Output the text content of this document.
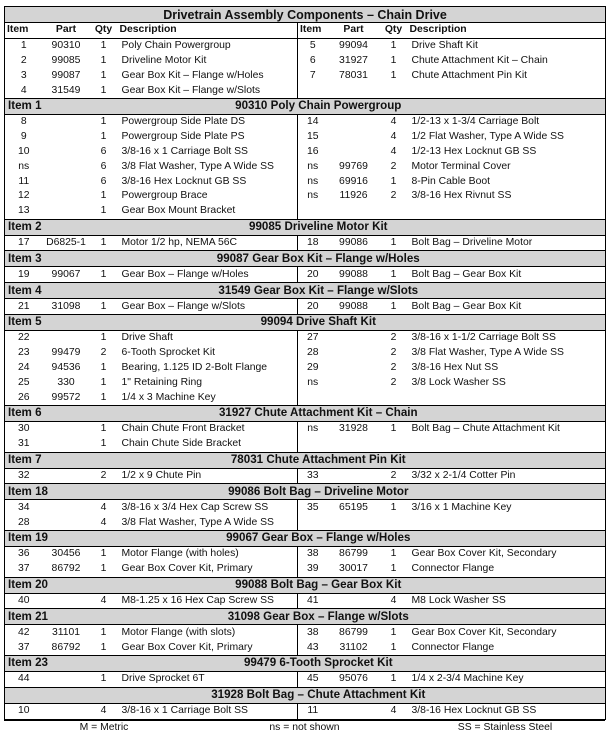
Drivetrain Assembly Components – Chain Drive							
Item	Part	Qty	Description	Item	Part	Qty	Description
1	90310	1	Poly Chain Powergroup	5	99094	1	Drive Shaft Kit
2	99085	1	Driveline Motor Kit	6	31927	1	Chute Attachment Kit – Chain
3	99087	1	Gear Box Kit – Flange w/Holes	7	78031	1	Chute Attachment Pin Kit
4	31549	1	Gear Box Kit – Flange w/Slots				
Item 1		90310 Poly Chain Powergroup					
8		1	Powergroup Side Plate DS	14		4	1/2-13 x 1-3/4 Carriage Bolt
9		1	Powergroup Side Plate PS	15		4	1/2 Flat Washer, Type A Wide SS
10		6	3/8-16 x 1 Carriage Bolt SS	16		4	1/2-13 Hex Locknut GB SS
ns		6	3/8 Flat Washer, Type A Wide SS	ns	99769	2	Motor Terminal Cover
11		6	3/8-16 Hex Locknut GB SS	ns	69916	1	8-Pin Cable Boot
12		1	Powergroup Brace	ns	11926	2	3/8-16 Hex Rivnut SS
13		1	Gear Box Mount Bracket				
Item 2		99085 Driveline Motor Kit					
17	D6825-1	1	Motor 1/2 hp, NEMA 56C	18	99086	1	Bolt Bag – Driveline Motor
Item 3		99087 Gear Box Kit – Flange w/Holes					
19	99067	1	Gear Box – Flange w/Holes	20	99088	1	Bolt Bag – Gear Box Kit
Item 4		31549 Gear Box Kit – Flange w/Slots					
21	31098	1	Gear Box – Flange w/Slots	20	99088	1	Bolt Bag – Gear Box Kit
Item 5		99094 Drive Shaft Kit					
22		1	Drive Shaft	27		2	3/8-16 x 1-1/2 Carriage Bolt SS
23	99479	2	6-Tooth Sprocket Kit	28		2	3/8 Flat Washer, Type A Wide SS
24	94536	1	Bearing, 1.125 ID 2-Bolt Flange	29		2	3/8-16 Hex Nut SS
25	330	1	1" Retaining Ring	ns		2	3/8 Lock Washer SS
26	99572	1	1/4 x 3 Machine Key				
Item 6		31927 Chute Attachment Kit – Chain					
30		1	Chain Chute Front Bracket	ns	31928	1	Bolt Bag – Chute Attachment Kit
31		1	Chain Chute Side Bracket				
Item 7		78031 Chute Attachment Pin Kit					
32		2	1/2 x 9 Chute Pin	33		2	3/32 x 2-1/4 Cotter Pin
Item 18		99086 Bolt Bag – Driveline Motor					
34		4	3/8-16 x 3/4 Hex Cap Screw SS	35	65195	1	3/16 x 1 Machine Key
28		4	3/8 Flat Washer, Type A Wide SS				
Item 19		99067 Gear Box – Flange w/Holes					
36	30456	1	Motor Flange (with holes)	38	86799	1	Gear Box Cover Kit, Secondary
37	86792	1	Gear Box Cover Kit, Primary	39	30017	1	Connector Flange
Item 20		99088 Bolt Bag – Gear Box Kit					
40		4	M8-1.25 x 16 Hex Cap Screw SS	41		4	M8 Lock Washer SS
Item 21		31098 Gear Box – Flange w/Slots					
42	31101	1	Motor Flange (with slots)	38	86799	1	Gear Box Cover Kit, Secondary
37	86792	1	Gear Box Cover Kit, Primary	43	31102	1	Connector Flange
Item 23		99479 6-Tooth Sprocket Kit					
44		1	Drive Sprocket 6T	45	95076	1	1/4 x 2-3/4 Machine Key
		31928 Bolt Bag – Chute Attachment Kit					
10		4	3/8-16 x 1 Carriage Bolt SS	11		4	3/8-16 Hex Locknut GB SS
M = Metric	ns = not shown	SS = Stainless Steel
